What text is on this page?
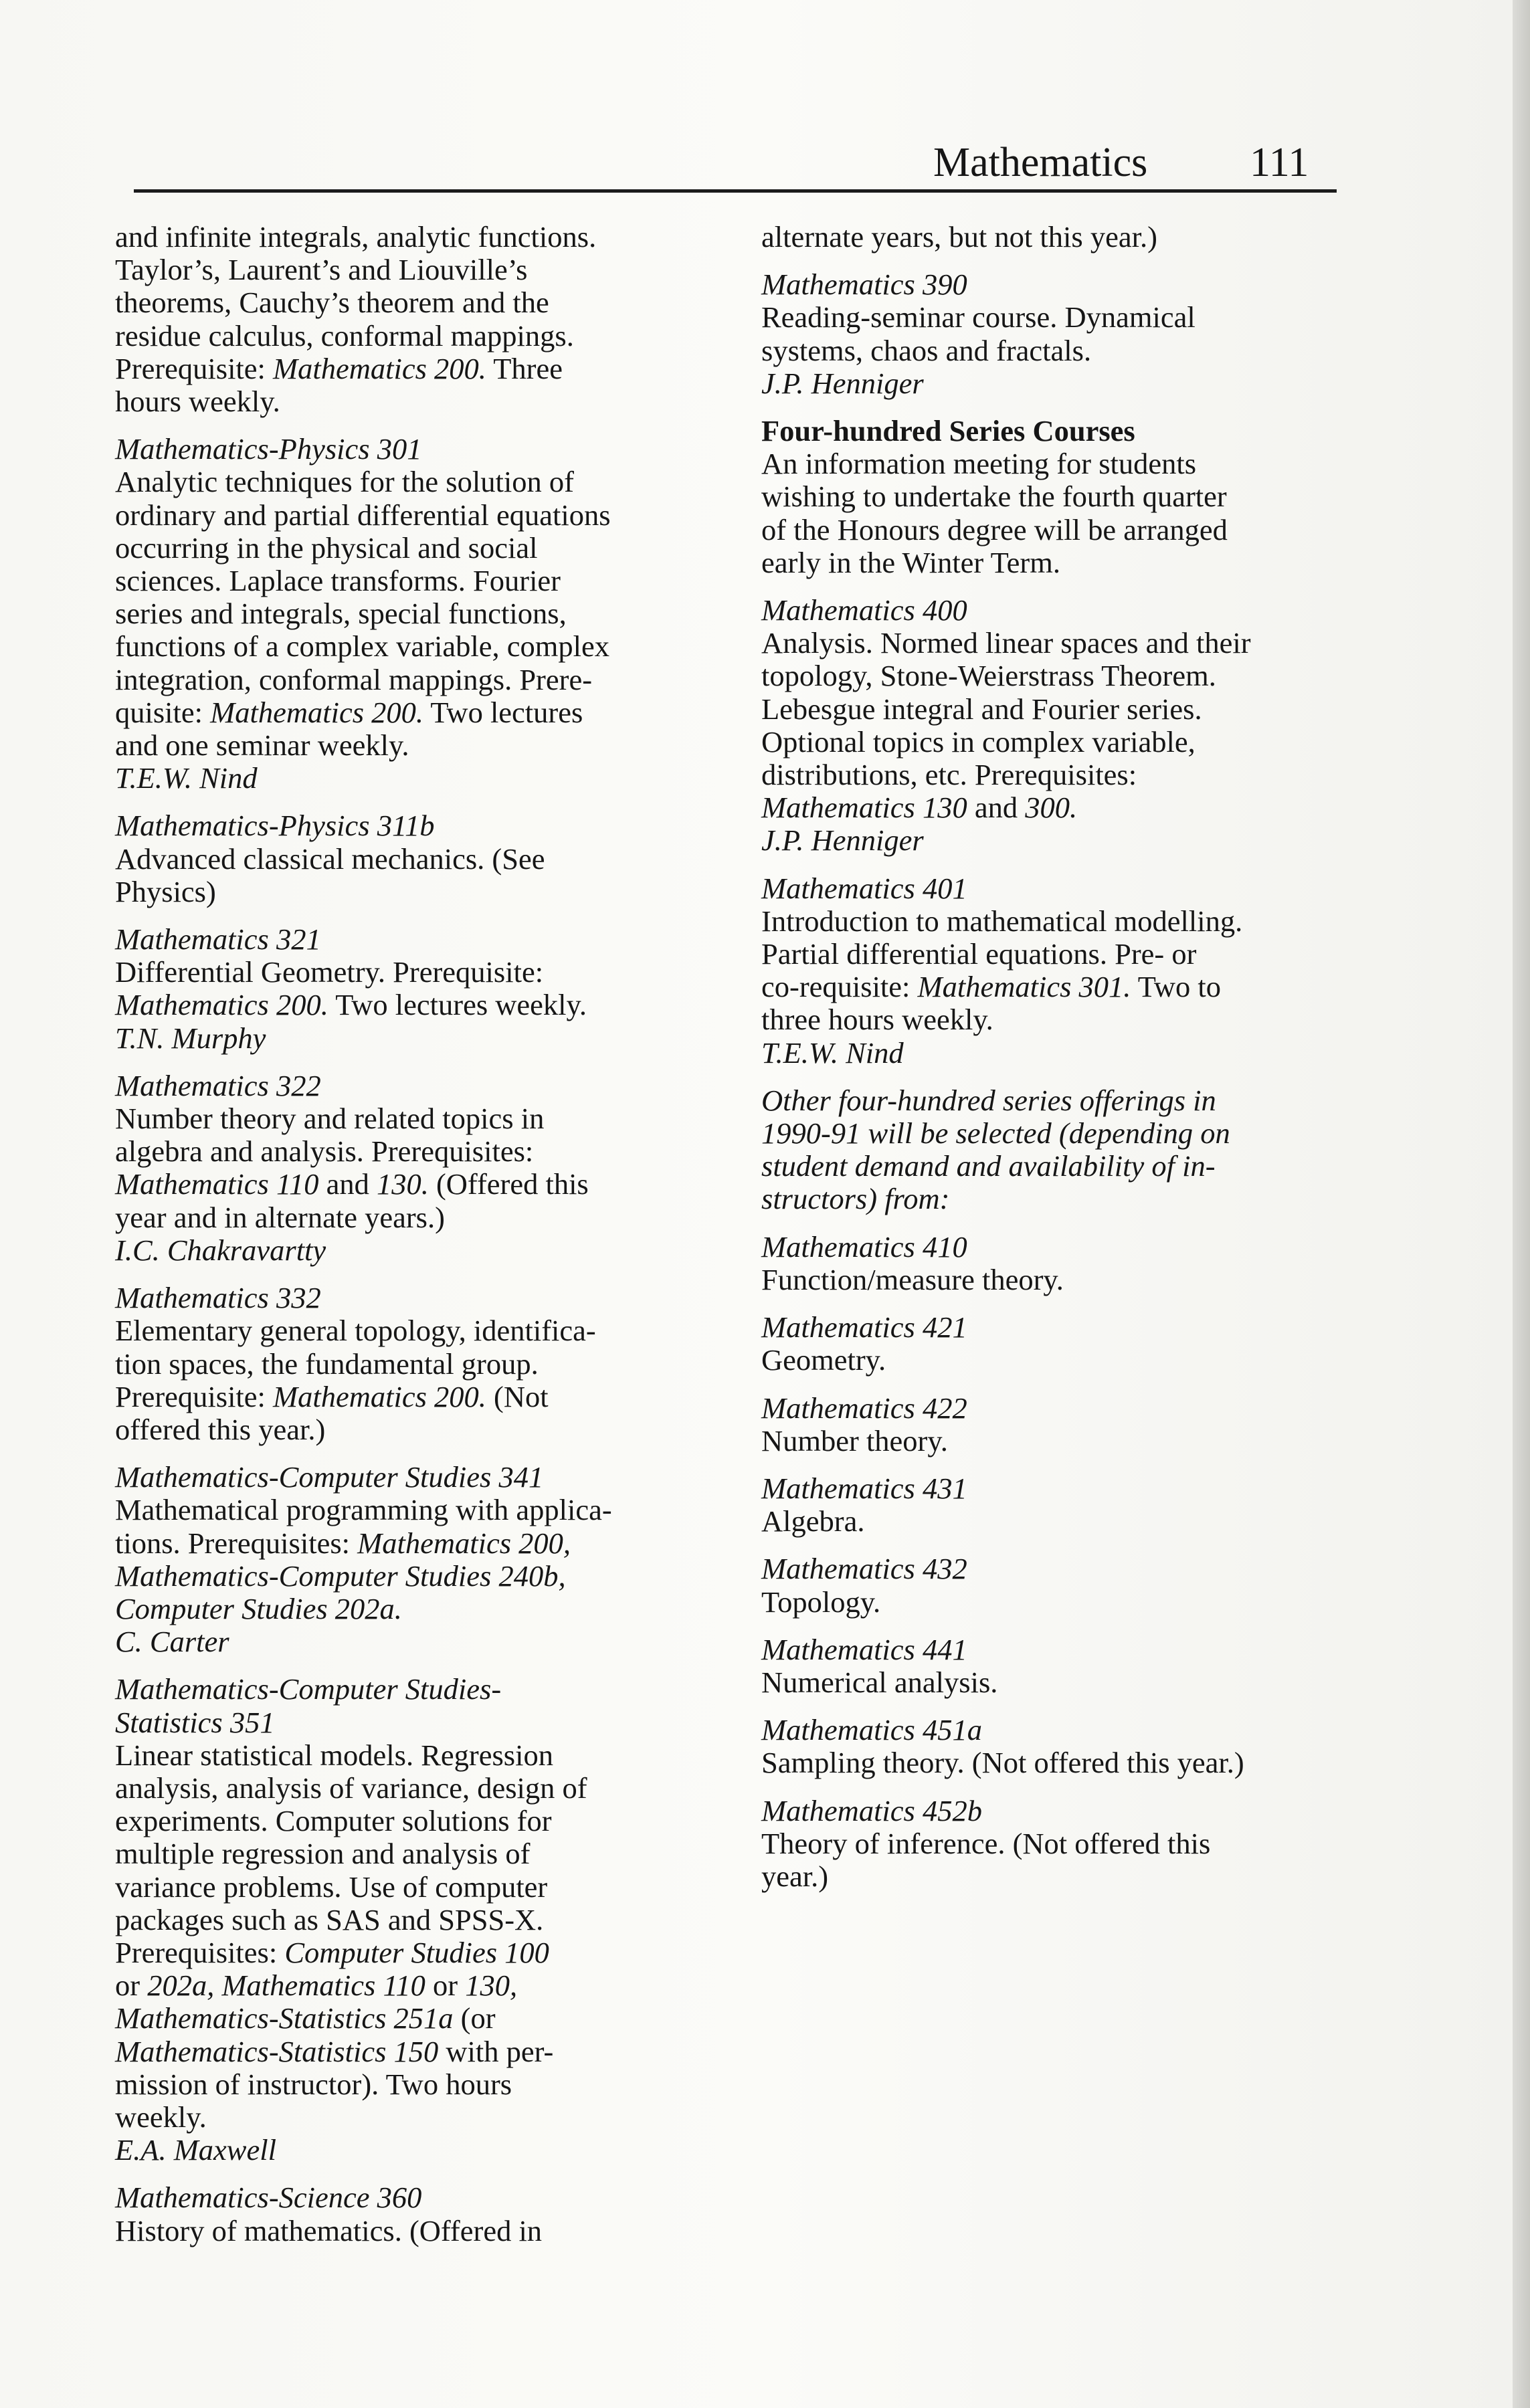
Mathematics 111
and infinite integrals, analytic functions.
Taylor’s, Laurent’s and Liouville’s
theorems, Cauchy’s theorem and the
residue calculus, conformal mappings.
Prerequisite: Mathematics 200. Three
hours weekly.
Mathematics-Physics 301
Analytic techniques for the solution of
ordinary and partial differential equations
occurring in the physical and social
sciences. Laplace transforms. Fourier
series and integrals, special functions,
functions of a complex variable, complex
integration, conformal mappings. Prere-
quisite: Mathematics 200. Two lectures
and one seminar weekly.
T.E.W. Nind
Mathematics-Physics 311b
Advanced classical mechanics. (See
Physics)
Mathematics 321
Differential Geometry. Prerequisite:
Mathematics 200. Two lectures weekly.
T.N. Murphy
Mathematics 322
Number theory and related topics in
algebra and analysis. Prerequisites:
Mathematics 110 and 130. (Offered this
year and in alternate years.)
I.C. Chakravartty
Mathematics 332
Elementary general topology, identifica-
tion spaces, the fundamental group.
Prerequisite: Mathematics 200. (Not
offered this year.)
Mathematics-Computer Studies 341
Mathematical programming with applica-
tions. Prerequisites: Mathematics 200,
Mathematics-Computer Studies 240b,
Computer Studies 202a.
C. Carter
Mathematics-Computer Studies-
Statistics 351
Linear statistical models. Regression
analysis, analysis of variance, design of
experiments. Computer solutions for
multiple regression and analysis of
variance problems. Use of computer
packages such as SAS and SPSS-X.
Prerequisites: Computer Studies 100
or 202a, Mathematics 110 or 130,
Mathematics-Statistics 251a (or
Mathematics-Statistics 150 with per-
mission of instructor). Two hours
weekly.
E.A. Maxwell
Mathematics-Science 360
History of mathematics. (Offered in
alternate years, but not this year.)
Mathematics 390
Reading-seminar course. Dynamical
systems, chaos and fractals.
J.P. Henniger
Four-hundred Series Courses
An information meeting for students
wishing to undertake the fourth quarter
of the Honours degree will be arranged
early in the Winter Term.
Mathematics 400
Analysis. Normed linear spaces and their
topology, Stone-Weierstrass Theorem.
Lebesgue integral and Fourier series.
Optional topics in complex variable,
distributions, etc. Prerequisites:
Mathematics 130 and 300.
J.P. Henniger
Mathematics 401
Introduction to mathematical modelling.
Partial differential equations. Pre- or
co-requisite: Mathematics 301. Two to
three hours weekly.
T.E.W. Nind
Other four-hundred series offerings in
1990-91 will be selected (depending on
student demand and availability of in-
structors) from:
Mathematics 410
Function/measure theory.
Mathematics 421
Geometry.
Mathematics 422
Number theory.
Mathematics 431
Algebra.
Mathematics 432
Topology.
Mathematics 441
Numerical analysis.
Mathematics 451a
Sampling theory. (Not offered this year.)
Mathematics 452b
Theory of inference. (Not offered this
year.)
